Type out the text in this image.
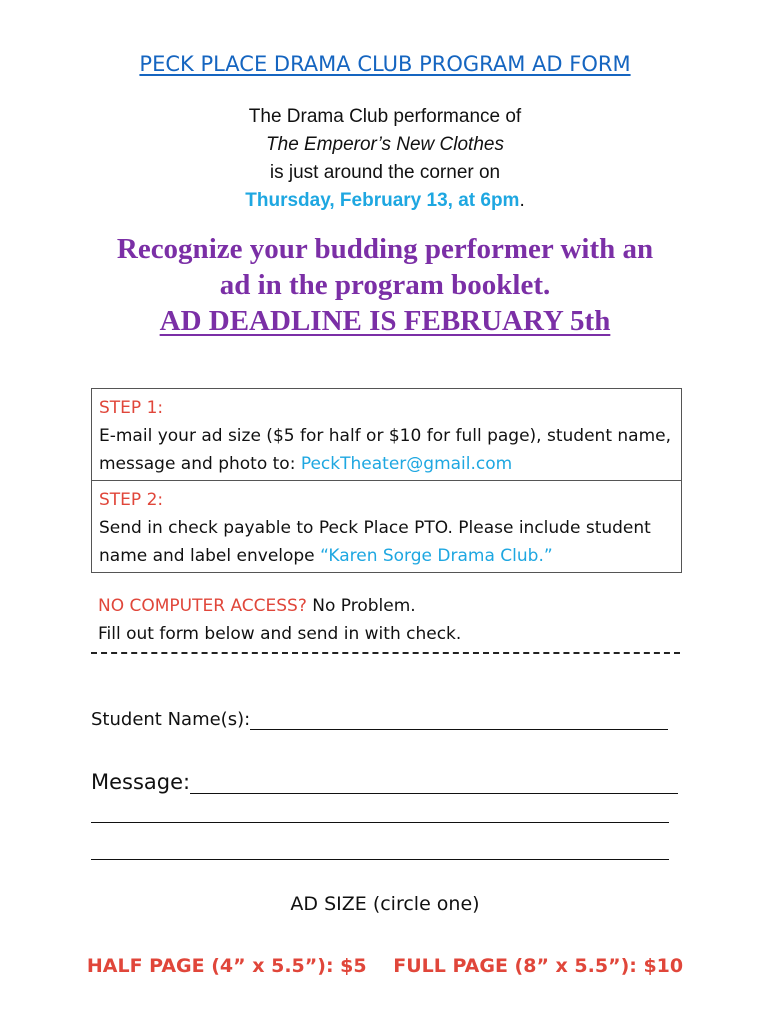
PECK PLACE DRAMA CLUB PROGRAM AD FORM
The Drama Club performance of
The Emperor’s New Clothes
is just around the corner on
Thursday, February 13, at 6pm.
Recognize your budding performer with an
ad in the program booklet.
AD DEADLINE IS FEBRUARY 5th
STEP 1:
E-mail your ad size ($5 for half or $10 for full page), student name, message and photo to: PeckTheater@gmail.com
STEP 2:
Send in check payable to Peck Place PTO. Please include student name and label envelope “Karen Sorge Drama Club.”
NO COMPUTER ACCESS? No Problem.
Fill out form below and send in with check.
Student Name(s):
Message:
AD SIZE (circle one)
HALF PAGE (4” x 5.5”): $5 FULL PAGE (8” x 5.5”): $10
